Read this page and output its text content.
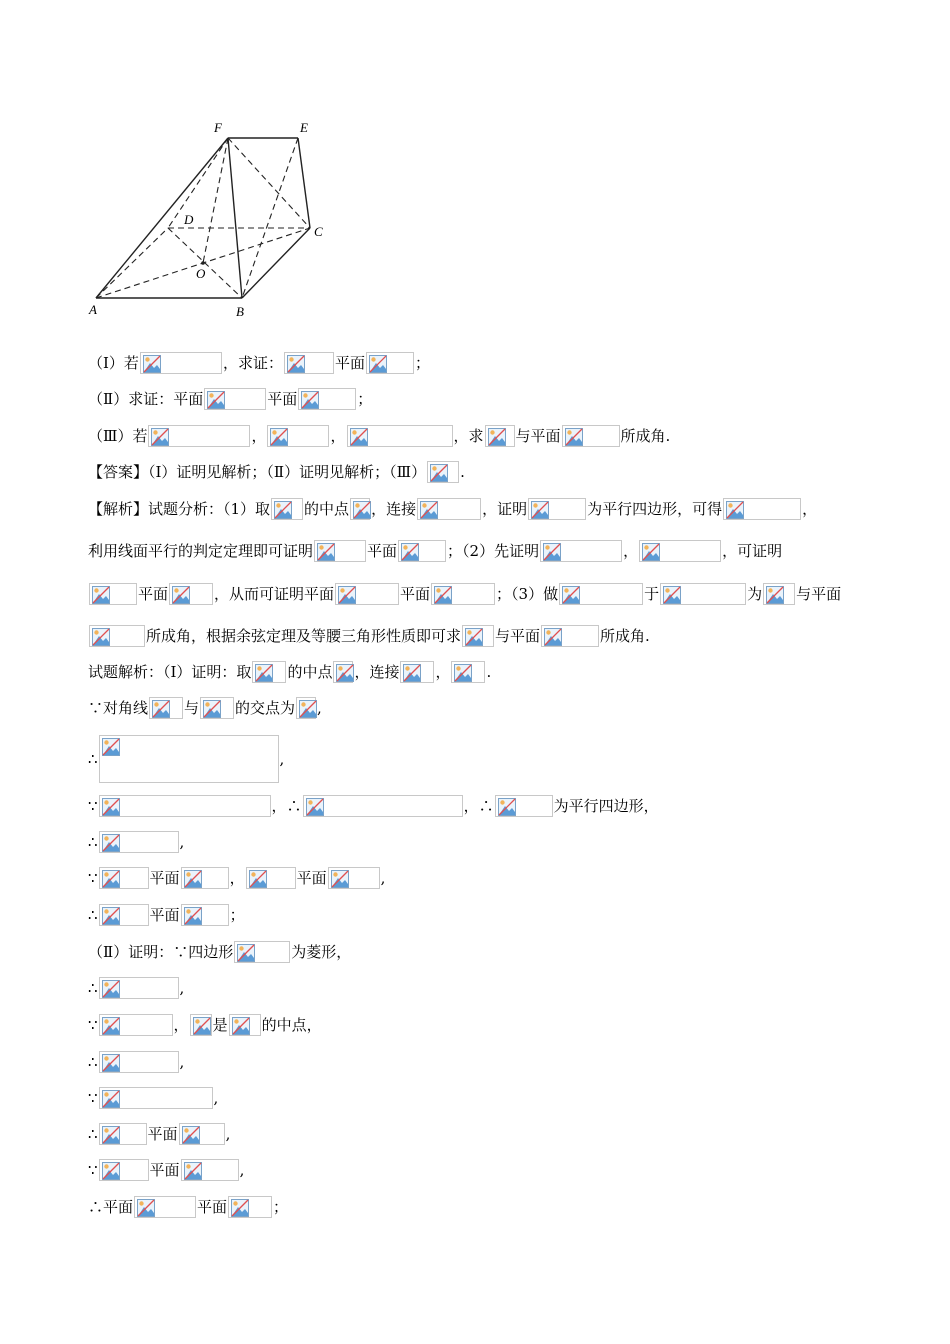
F	E
D
C
O
A	B
（Ⅰ）若	，求证：	平面	；
（Ⅱ）求证：平面	平面	；
（Ⅲ）若	，	，	，求 与平面	所成角.
【答案】（Ⅰ）证明见解析；（Ⅱ）证明见解析；（Ⅲ） .
【解析】试题分析：（1）取 的中点 ，连接	，证明	为平行四边形，可得	，
利用线面平行的判定定理即可证明	平面	；（2）先证明	，	，可证明
平面	，从而可证明平面	平面	；（3）做	于	为 与平面
所成角，根据余弦定理及等腰三角形性质即可求 与平面	所成角.
试题解析：（Ⅰ）证明：取 的中点 ，连接 ， .
∵对角线 与 的交点为 ,
∴	,
∵	，∴	，∴	为平行四边形，
∴	,
∵	平面	，	平面	,
∴	平面	；
（Ⅱ）证明：∵四边形	为菱形，
∴	,
∵	， 是 的中点，
∴	,
∵	,
∴	平面	,
∵	平面	,
∴平面	平面	；
